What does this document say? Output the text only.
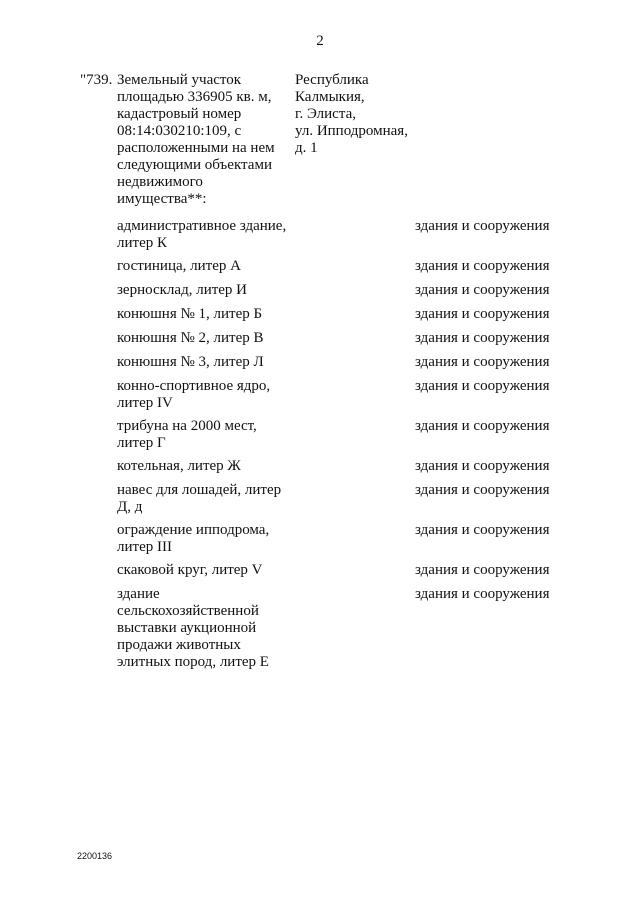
2
"739. Земельный участок
площадью 336905 кв. м,
кадастровый номер
08:14:030210:109, с
расположенными на нем
следующими объектами
недвижимого
имущества**:
Республика
Калмыкия,
г. Элиста,
ул. Ипподромная,
д. 1
административное здание,
литер К
здания и сооружения
гостиница, литер А	здания и сооружения
зерносклад, литер И	здания и сооружения
конюшня № 1, литер Б	здания и сооружения
конюшня № 2, литер В	здания и сооружения
конюшня № 3, литер Л	здания и сооружения
конно-спортивное ядро,
литер IV
здания и сооружения
трибуна на 2000 мест,
литер Г
здания и сооружения
котельная, литер Ж	здания и сооружения
навес для лошадей, литер
Д, д
здания и сооружения
ограждение ипподрома,
литер III
здания и сооружения
скаковой круг, литер V	здания и сооружения
здание
сельскохозяйственной
выставки аукционной
продажи животных
элитных пород, литер Е
здания и сооружения
2200136
